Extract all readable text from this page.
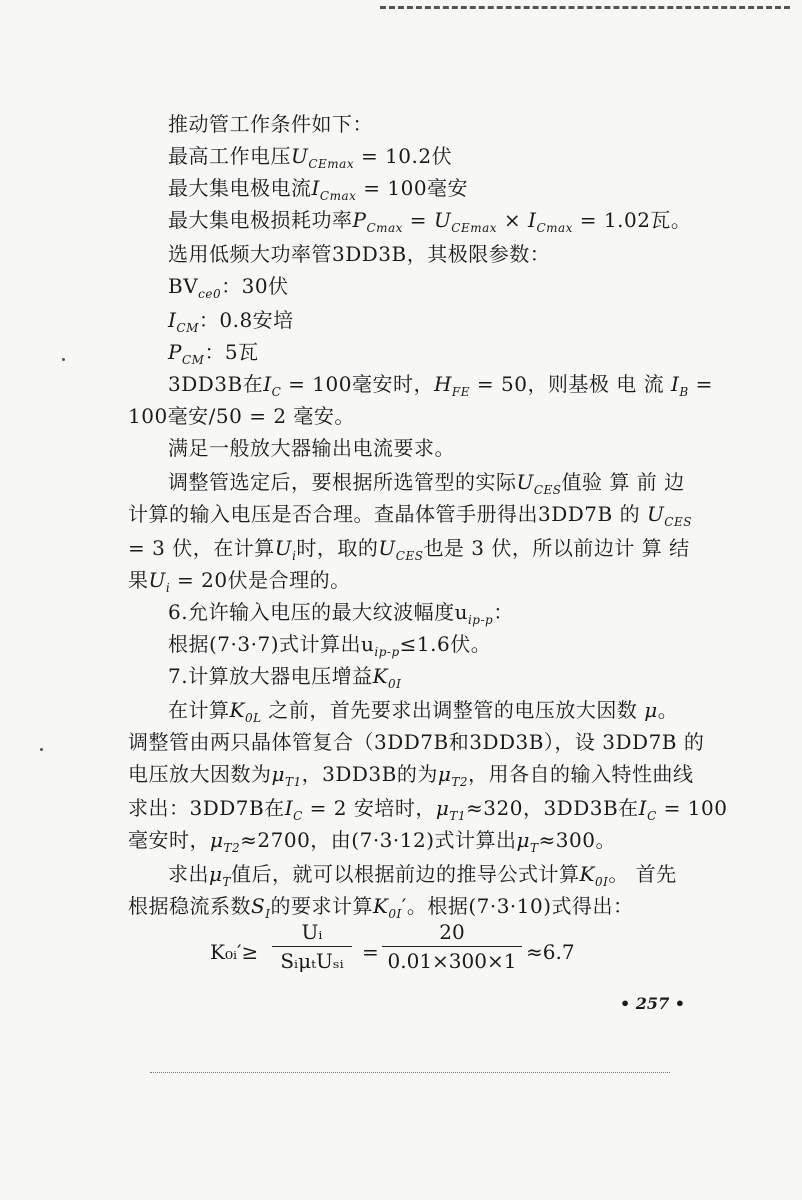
推动管工作条件如下：
最高工作电压$U_{CEmax} = 10.2$伏
最大集电极电流$I_{Cmax} = 100$毫安
最大集电极损耗功率$P_{Cmax} = U_{CEmax} \times I_{Cmax} = 1.02$瓦。
选用低频大功率管3DD3B，其极限参数：
$BV_{ce0}$：30伏
$I_{CM}$：0.8安培
$P_{CM}$：5瓦
3DD3B在$I_C = 100$毫安时，$H_{FE} = 50$，则基极 电 流 $I_B$ =
100毫安/50 = 2 毫安。
满足一般放大器输出电流要求。
调整管选定后，要根据所选管型的实际$U_{CES}$值验 算 前 边
计算的输入电压是否合理。查晶体管手册得出3DD7B 的 $U_{CES}$
= 3 伏，在计算$U_i$时，取的$U_{CES}$也是 3 伏，所以前边计 算 结
果$U_i = 20$伏是合理的。
6.允许输入电压的最大纹波幅度$u_{ip-p}$：
根据(7·3·7)式计算出$u_{ip-p}\le 1.6$伏。
7.计算放大器电压增益$K_{0I}$
在计算$K_{0L}$ 之前，首先要求出调整管的电压放大因数 μ。
调整管由两只晶体管复合（3DD7B和3DD3B），设 3DD7B 的
电压放大因数为$\mu_{T1}$，3DD3B的为$\mu_{T2}$，用各自的输入特性曲线
求出：3DD7B在$I_C = 2$ 安培时，$\mu_{T1}\approx 320$，3DD3B在$I_C = 100$
毫安时，$\mu_{T2}\approx 2700$，由(7·3·12)式计算出$\mu_T\approx 300$。
求出$\mu_T$值后，就可以根据前边的推导公式计算$K_{0I}$。 首先
根据稳流系数$S_I$的要求计算$K_{0I}'$。根据(7·3·10)式得出：
K₀ᵢ′≥
Uᵢ
SᵢμₜUₛᵢ =
20
0.01×300×1 ≈6.7
• 257 •
